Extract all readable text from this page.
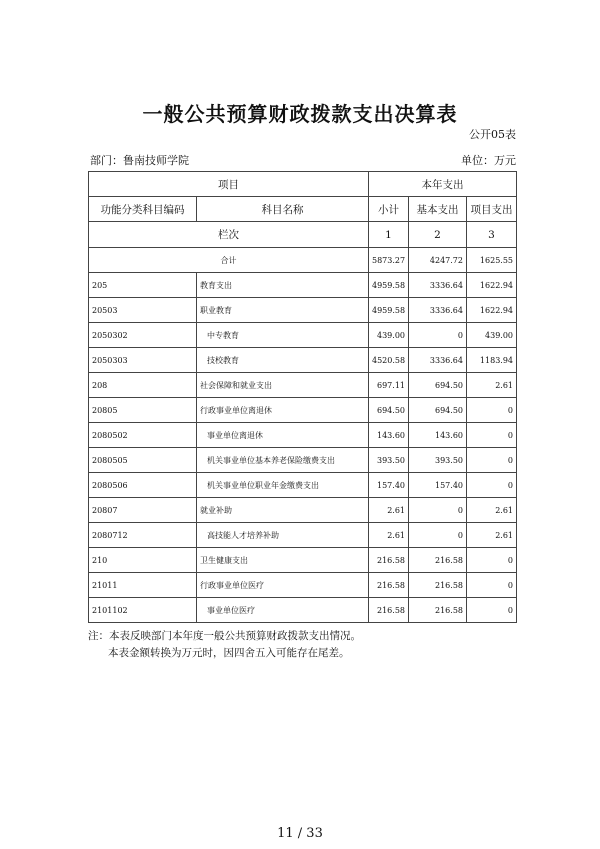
一般公共预算财政拨款支出决算表
公开05表
部门：鲁南技师学院	单位：万元
项目		本年支出		
功能分类科目编码	科目名称	小计	基本支出	项目支出
栏次		1	2	3
合计		5873.27	4247.72	1625.55
205	教育支出	4959.58	3336.64	1622.94
20503	职业教育	4959.58	3336.64	1622.94
2050302	中专教育	439.00	0	439.00
2050303	技校教育	4520.58	3336.64	1183.94
208	社会保障和就业支出	697.11	694.50	2.61
20805	行政事业单位离退休	694.50	694.50	0
2080502	事业单位离退休	143.60	143.60	0
2080505	机关事业单位基本养老保险缴费支出	393.50	393.50	0
2080506	机关事业单位职业年金缴费支出	157.40	157.40	0
20807	就业补助	2.61	0	2.61
2080712	高技能人才培养补助	2.61	0	2.61
210	卫生健康支出	216.58	216.58	0
21011	行政事业单位医疗	216.58	216.58	0
2101102	事业单位医疗	216.58	216.58	0
注：本表反映部门本年度一般公共预算财政拨款支出情况。
本表金额转换为万元时，因四舍五入可能存在尾差。
11 / 33
